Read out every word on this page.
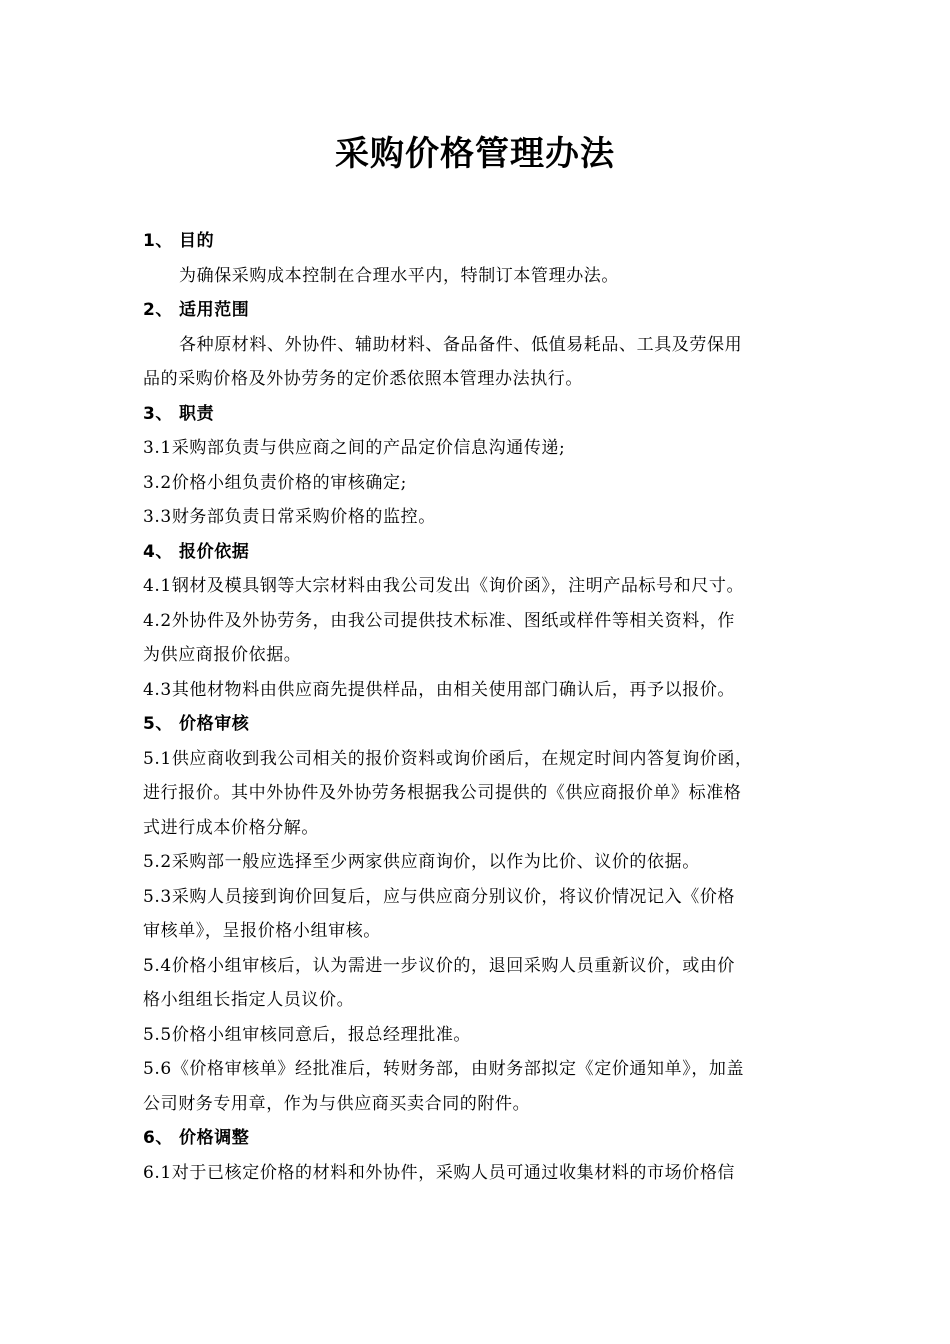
采购价格管理办法
1、 目的
为确保采购成本控制在合理水平内，特制订本管理办法。
2、 适用范围
各种原材料、外协件、辅助材料、备品备件、低值易耗品、工具及劳保用
品的采购价格及外协劳务的定价悉依照本管理办法执行。
3、 职责
3.1采购部负责与供应商之间的产品定价信息沟通传递;
3.2价格小组负责价格的审核确定;
3.3财务部负责日常采购价格的监控。
4、 报价依据
4.1钢材及模具钢等大宗材料由我公司发出《询价函》，注明产品标号和尺寸。
4.2外协件及外协劳务，由我公司提供技术标准、图纸或样件等相关资料，作
为供应商报价依据。
4.3其他材物料由供应商先提供样品，由相关使用部门确认后，再予以报价。
5、 价格审核
5.1供应商收到我公司相关的报价资料或询价函后，在规定时间内答复询价函，
进行报价。其中外协件及外协劳务根据我公司提供的《供应商报价单》标准格
式进行成本价格分解。
5.2采购部一般应选择至少两家供应商询价，以作为比价、议价的依据。
5.3采购人员接到询价回复后，应与供应商分别议价，将议价情况记入《价格
审核单》，呈报价格小组审核。
5.4价格小组审核后，认为需进一步议价的，退回采购人员重新议价，或由价
格小组组长指定人员议价。
5.5价格小组审核同意后，报总经理批准。
5.6《价格审核单》经批准后，转财务部，由财务部拟定《定价通知单》，加盖
公司财务专用章，作为与供应商买卖合同的附件。
6、 价格调整
6.1对于已核定价格的材料和外协件，采购人员可通过收集材料的市场价格信
